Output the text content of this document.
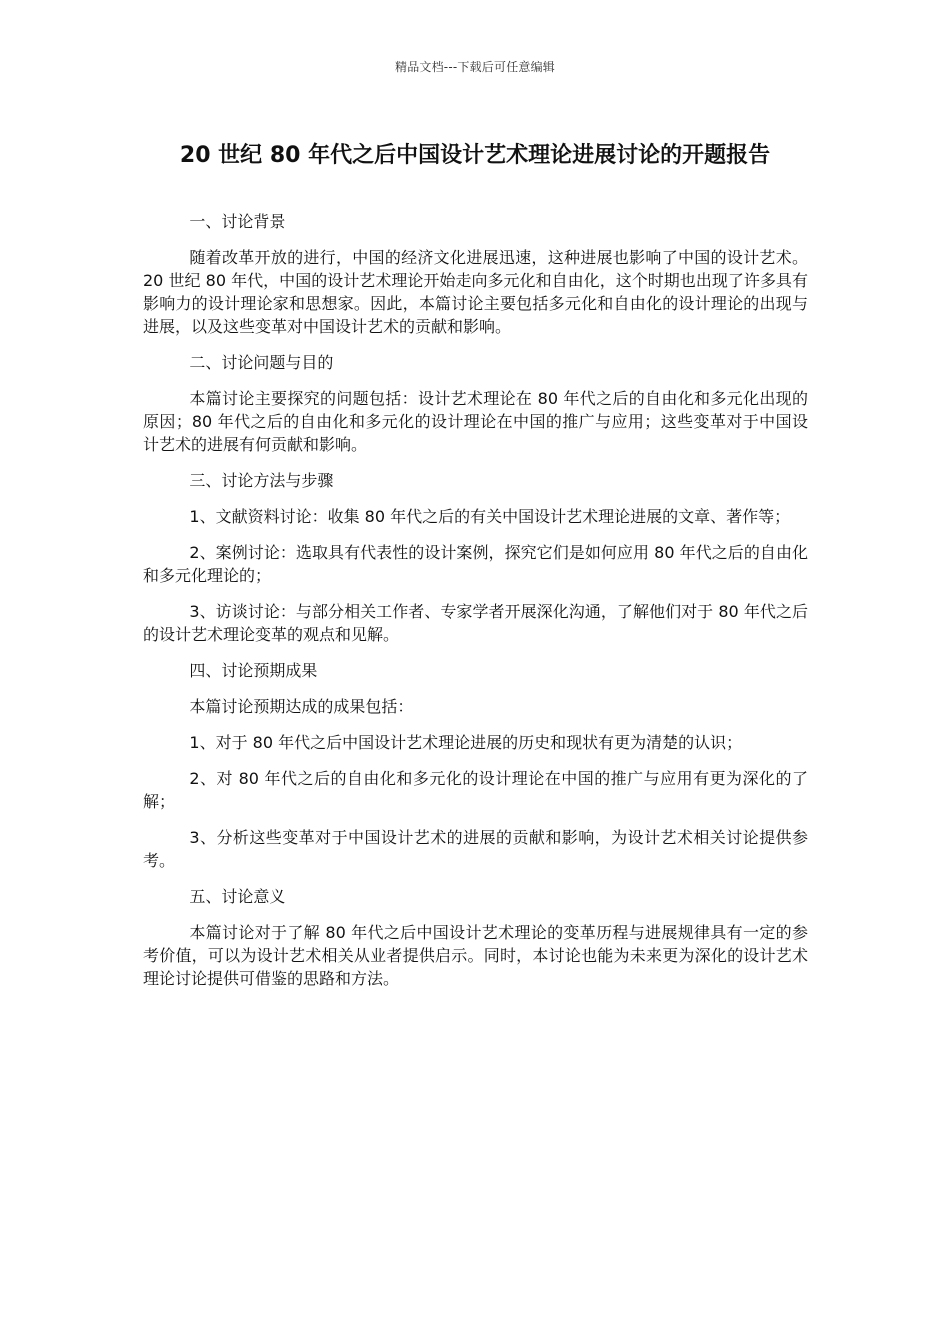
精品文档---下载后可任意编辑
20 世纪 80 年代之后中国设计艺术理论进展讨论的开题报告

一、讨论背景

随着改革开放的进行，中国的经济文化进展迅速，这种进展也影响了中国的设计艺术。20 世纪 80 年代，中国的设计艺术理论开始走向多元化和自由化，这个时期也出现了许多具有影响力的设计理论家和思想家。因此，本篇讨论主要包括多元化和自由化的设计理论的出现与进展，以及这些变革对中国设计艺术的贡献和影响。

二、讨论问题与目的

本篇讨论主要探究的问题包括：设计艺术理论在 80 年代之后的自由化和多元化出现的原因；80 年代之后的自由化和多元化的设计理论在中国的推广与应用；这些变革对于中国设计艺术的进展有何贡献和影响。

三、讨论方法与步骤

1、文献资料讨论：收集 80 年代之后的有关中国设计艺术理论进展的文章、著作等；

2、案例讨论：选取具有代表性的设计案例，探究它们是如何应用 80 年代之后的自由化和多元化理论的；

3、访谈讨论：与部分相关工作者、专家学者开展深化沟通，了解他们对于 80 年代之后的设计艺术理论变革的观点和见解。

四、讨论预期成果

本篇讨论预期达成的成果包括：

1、对于 80 年代之后中国设计艺术理论进展的历史和现状有更为清楚的认识；

2、对 80 年代之后的自由化和多元化的设计理论在中国的推广与应用有更为深化的了解；

3、分析这些变革对于中国设计艺术的进展的贡献和影响，为设计艺术相关讨论提供参考。

五、讨论意义

本篇讨论对于了解 80 年代之后中国设计艺术理论的变革历程与进展规律具有一定的参考价值，可以为设计艺术相关从业者提供启示。同时，本讨论也能为未来更为深化的设计艺术理论讨论提供可借鉴的思路和方法。
